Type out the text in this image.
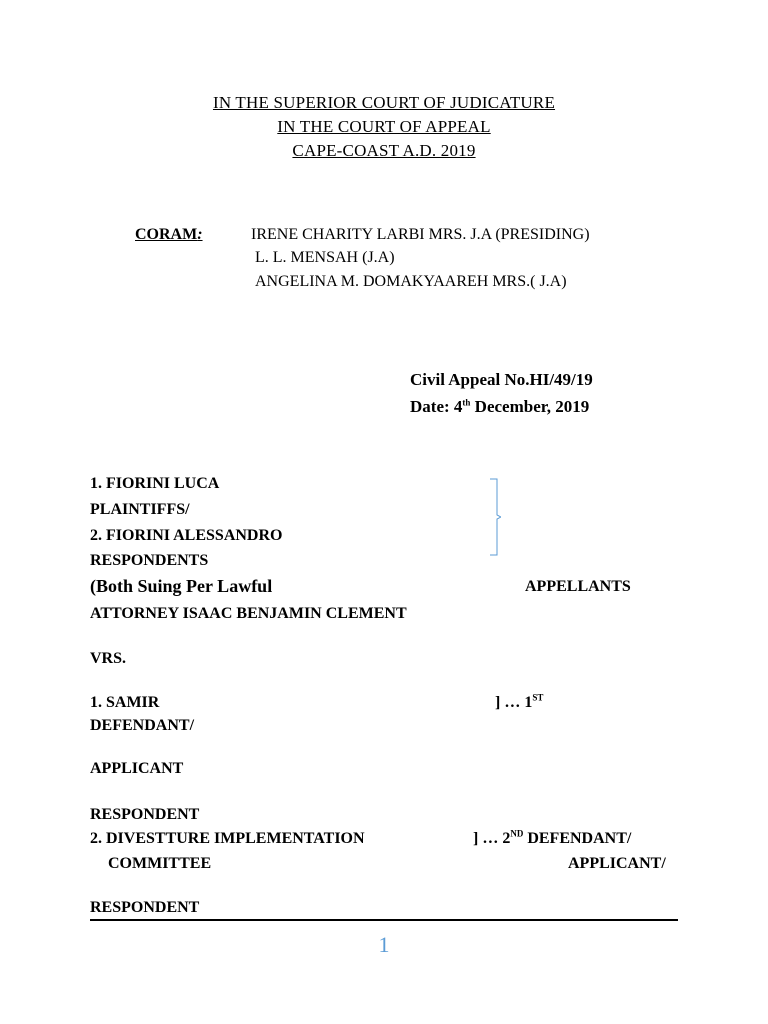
IN THE SUPERIOR COURT OF JUDICATURE
IN THE COURT OF APPEAL
CAPE-COAST A.D. 2019
CORAM:	IRENE CHARITY LARBI MRS. J.A (PRESIDING)
L. L. MENSAH (J.A)
ANGELINA M. DOMAKYAAREH MRS.( J.A)
Civil Appeal No.HI/49/19
Date: 4th December, 2019
1. FIORINI LUCA
PLAINTIFFS/
2. FIORINI ALESSANDRO
RESPONDENTS
(Both Suing Per Lawful	APPELLANTS
ATTORNEY ISAAC BENJAMIN CLEMENT
VRS.
1. SAMIR	] … 1ST
DEFENDANT/
APPLICANT
RESPONDENT
2. DIVESTTURE IMPLEMENTATION	] … 2ND DEFENDANT/
COMMITTEE	APPLICANT/
RESPONDENT
1
